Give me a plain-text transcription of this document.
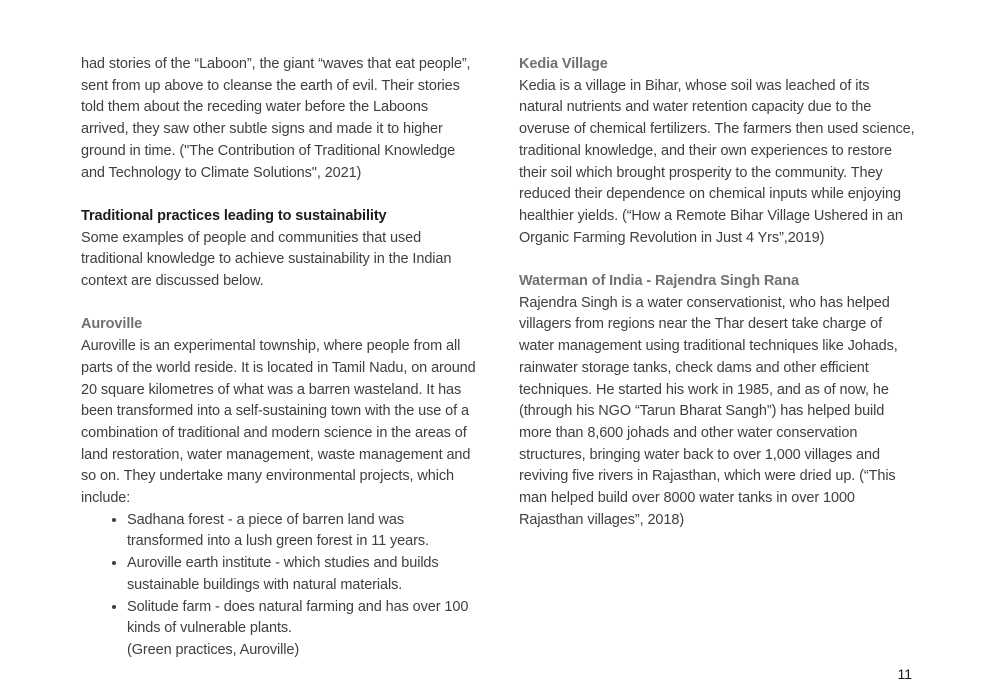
had stories of the “Laboon”, the giant “waves that eat people”, sent from up above to cleanse the earth of evil. Their stories told them about the receding water before the Laboons arrived, they saw other subtle signs and made it to higher ground in time. ("The Contribution of Traditional Knowledge and Technology to Climate Solutions", 2021)

Traditional practices leading to sustainability

Some examples of people and communities that used traditional knowledge to achieve sustainability in the Indian context are discussed below.

Auroville

Auroville is an experimental township, where people from all parts of the world reside. It is located in Tamil Nadu, on around 20 square kilometres of what was a barren wasteland. It has been transformed into a self-sustaining town with the use of a combination of traditional and modern science in the areas of land restoration, water management, waste management and so on. They undertake many environmental projects, which include:

• Sadhana forest - a piece of barren land was transformed into a lush green forest in 11 years.
• Auroville earth institute - which studies and builds sustainable buildings with natural materials.
• Solitude farm - does natural farming and has over 100 kinds of vulnerable plants.

(Green practices, Auroville)

Kedia Village

Kedia is a village in Bihar, whose soil was leached of its natural nutrients and water retention capacity due to the overuse of chemical fertilizers. The farmers then used science, traditional knowledge, and their own experiences to restore their soil which brought prosperity to the community. They reduced their dependence on chemical inputs while enjoying healthier yields. (“How a Remote Bihar Village Ushered in an Organic Farming Revolution in Just 4 Yrs”,2019)

Waterman of India - Rajendra Singh Rana

Rajendra Singh is a water conservationist, who has helped villagers from regions near the Thar desert take charge of water management using traditional techniques like Johads, rainwater storage tanks, check dams and other efficient techniques. He started his work in 1985, and as of now, he (through his NGO “Tarun Bharat Sangh”) has helped build more than 8,600 johads and other water conservation structures, bringing water back to over 1,000 villages and reviving five rivers in Rajasthan, which were dried up. (“This man helped build over 8000 water tanks in over 1000 Rajasthan villages”, 2018)

11
